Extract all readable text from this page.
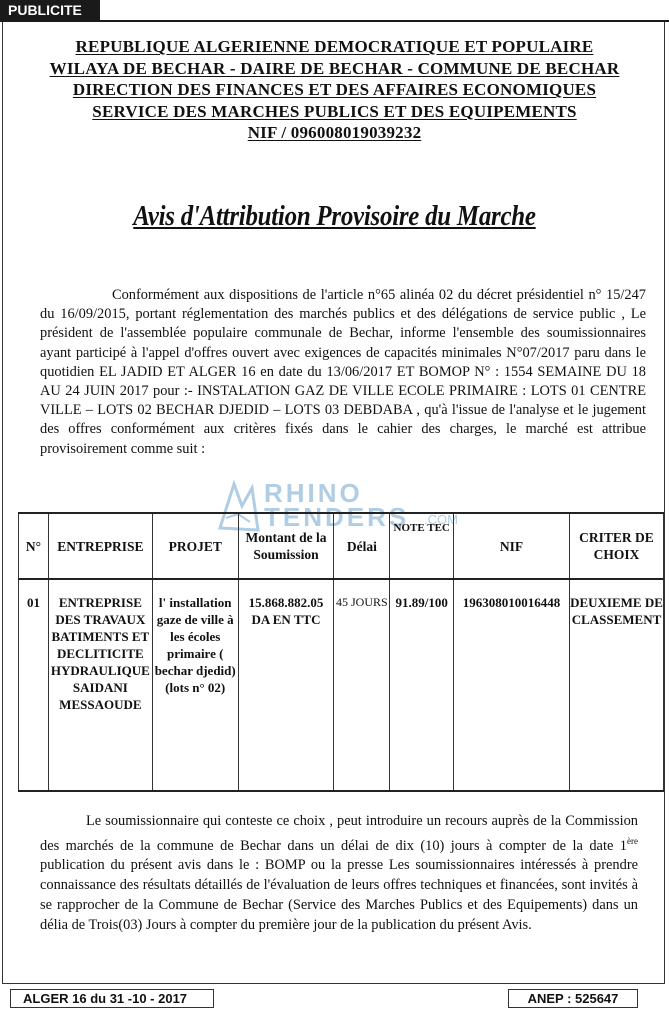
PUBLICITE
REPUBLIQUE ALGERIENNE DEMOCRATIQUE ET POPULAIRE
WILAYA DE BECHAR - DAIRE DE BECHAR - COMMUNE DE BECHAR
DIRECTION DES FINANCES ET DES AFFAIRES ECONOMIQUES
SERVICE DES MARCHES PUBLICS ET DES EQUIPEMENTS
NIF / 096008019039232
Avis d'Attribution Provisoire du Marche

Conformément aux dispositions de l'article n°65 alinéa 02 du décret présidentiel n° 15/247 du 16/09/2015, portant réglementation des marchés publics et des délégations de service public , Le président de l'assemblée populaire communale de Bechar, informe l'ensemble des soumissionnaires ayant participé à l'appel d'offres ouvert avec exigences de capacités minimales N°07/2017 paru dans le quotidien EL JADID ET ALGER 16 en date du 13/06/2017 ET BOMOP N° : 1554 SEMAINE DU 18 AU 24 JUIN 2017 pour :- INSTALATION GAZ DE VILLE ECOLE PRIMAIRE : LOTS 01 CENTRE VILLE – LOTS 02 BECHAR DJEDID – LOTS 03 DEBDABA , qu'à l'issue de l'analyse et le jugement des offres conformément aux critères fixés dans le cahier des charges, le marché est attribue provisoirement comme suit :

RHINO
TENDERS .COM
N°	ENTREPRISE	PROJET	Montant de la Soumission	Délai	NOTE TEC	NIF	CRITER DE CHOIX
01	ENTREPRISE DES TRAVAUX BATIMENTS ET DECLITICITE HYDRAULIQUE SAIDANI MESSAOUDE	l' installation gaze de ville à les écoles primaire ( bechar djedid) (lots n° 02)	15.868.882.05 DA EN TTC	45 JOURS	91.89/100	196308010016448	DEUXIEME DE CLASSEMENT

Le soumissionnaire qui conteste ce choix , peut introduire un recours auprès de la Commission des marchés de la commune de Bechar dans un délai de dix (10) jours à compter de la date 1ère publication du présent avis dans le : BOMP ou la presse Les soumissionnaires intéressés à prendre connaissance des résultats détaillés de l'évaluation de leurs offres techniques et financées, sont invités à se rapprocher de la Commune de Bechar (Service des Marches Publics et des Equipements) dans un délia de Trois(03) Jours à compter du première jour de la publication du présent Avis.

ALGER 16 du 31 -10 - 2017	ANEP : 525647
